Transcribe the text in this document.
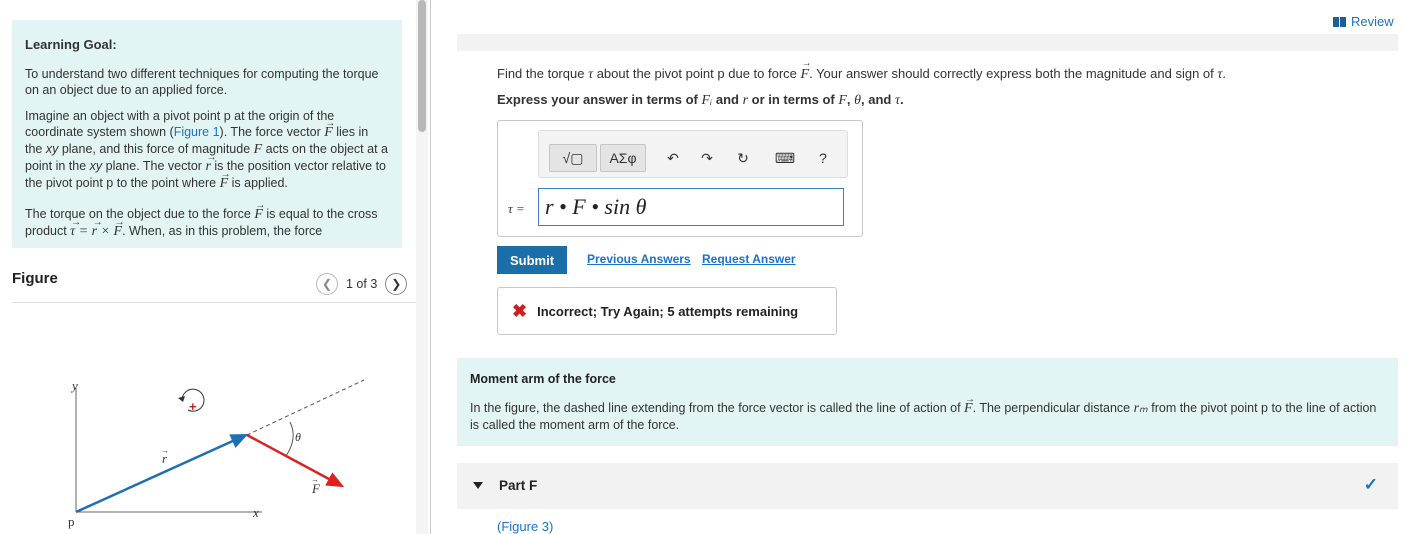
Learning Goal:

To understand two different techniques for computing the torque on an object due to an applied force.

Imagine an object with a pivot point p at the origin of the coordinate system shown (Figure 1). The force vector → F lies in the xy plane, and this force of magnitude F acts on the object at a point in the xy plane. The vector → r is the position vector relative to the pivot point p to the point where → F is applied.

The torque on the object due to the force → F is equal to the cross product → τ = → r × → F. When, as in this problem, the force

Figure	❮ 1 of 3 ❯
y
x
p
θ
r
→
F
→
+
Review
Find the torque τ about the pivot point p due to force → F. Your answer should correctly express both the magnitude and sign of τ.
Express your answer in terms of Fᵢ and r or in terms of F, θ, and τ.
√▢ ΑΣφ ↶ ↷ ↻ ⌨ ?
τ = r • F • sin θ
Submit	Previous Answers Request Answer
✖ Incorrect; Try Again; 5 attempts remaining
Moment arm of the force

In the figure, the dashed line extending from the force vector is called the line of action of → F. The perpendicular distance rₘ from the pivot point p to the line of action is called the moment arm of the force.

Part F	✓
(Figure 3)
